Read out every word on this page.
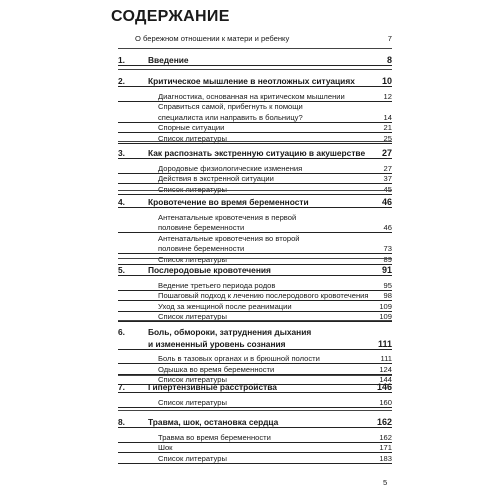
СОДЕРЖАНИЕ
О бережном отношении к матери и ребенку	7
1.	Введение	8
2.	Критическое мышление в неотложных ситуациях	10
Диагностика, основанная на критическом мышлении	12
Справиться самой, прибегнуть к помощи
специалиста или направить в больницу?	14
Спорные ситуации	21
Список литературы	25
3.	Как распознать экстренную ситуацию в акушерстве	27
Дородовые физиологические изменения	27
Действия в экстренной ситуации	37
Список литературы	45
4.	Кровотечение во время беременности	46
Антенатальные кровотечения в первой
половине беременности	46
Антенатальные кровотечения во второй
половине беременности	73
Список литературы	89
5.	Послеродовые кровотечения	91
Ведение третьего периода родов	95
Пошаговый подход к лечению послеродового кровотечения	98
Уход за женщиной после реанимации	109
Список литературы	109
6.	Боль, обмороки, затруднения дыхания
и измененный уровень сознания	111
Боль в тазовых органах и в брюшной полости	111
Одышка во время беременности	124
Список литературы	144
7.	Гипертензивные расстройства	146
Список литературы	160
8.	Травма, шок, остановка сердца	162
Травма во время беременности	162
Шок	171
Список литературы	183
5
